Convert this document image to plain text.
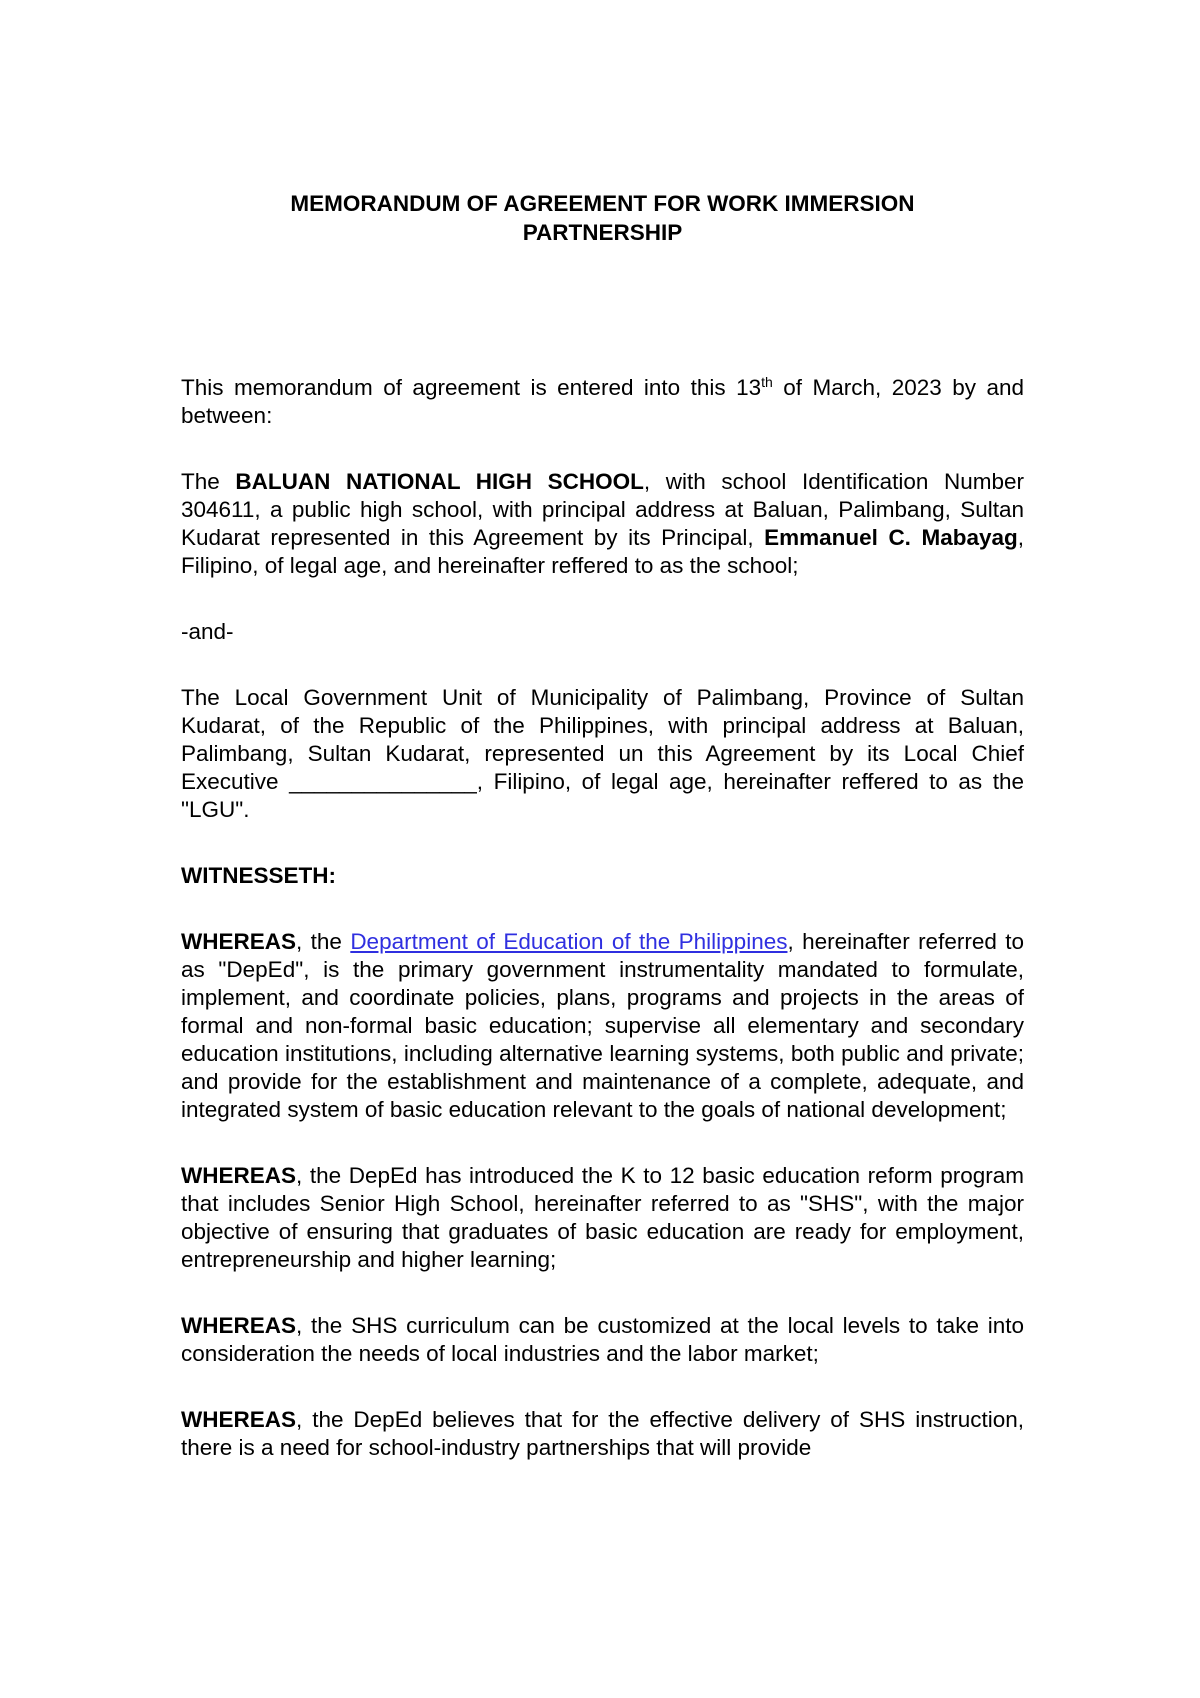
MEMORANDUM OF AGREEMENT FOR WORK IMMERSION
PARTNERSHIP

This memorandum of agreement is entered into this 13th of March, 2023 by and between:

The BALUAN NATIONAL HIGH SCHOOL, with school Identification Number 304611, a public high school, with principal address at Baluan, Palimbang, Sultan Kudarat represented in this Agreement by its Principal, Emmanuel C. Mabayag, Filipino, of legal age, and hereinafter reffered to as the school;

-and-

The Local Government Unit of Municipality of Palimbang, Province of Sultan Kudarat, of the Republic of the Philippines, with principal address at Baluan, Palimbang, Sultan Kudarat, represented un this Agreement by its Local Chief Executive _______________, Filipino, of legal age, hereinafter reffered to as the "LGU".

WITNESSETH:

WHEREAS, the Department of Education of the Philippines, hereinafter referred to as "DepEd", is the primary government instrumentality mandated to formulate, implement, and coordinate policies, plans, programs and projects in the areas of formal and non-formal basic education; supervise all elementary and secondary education institutions, including alternative learning systems, both public and private; and provide for the establishment and maintenance of a complete, adequate, and integrated system of basic education relevant to the goals of national development;

WHEREAS, the DepEd has introduced the K to 12 basic education reform program that includes Senior High School, hereinafter referred to as "SHS", with the major objective of ensuring that graduates of basic education are ready for employment, entrepreneurship and higher learning;

WHEREAS, the SHS curriculum can be customized at the local levels to take into consideration the needs of local industries and the labor market;

WHEREAS, the DepEd believes that for the effective delivery of SHS instruction, there is a need for school-industry partnerships that will provide
